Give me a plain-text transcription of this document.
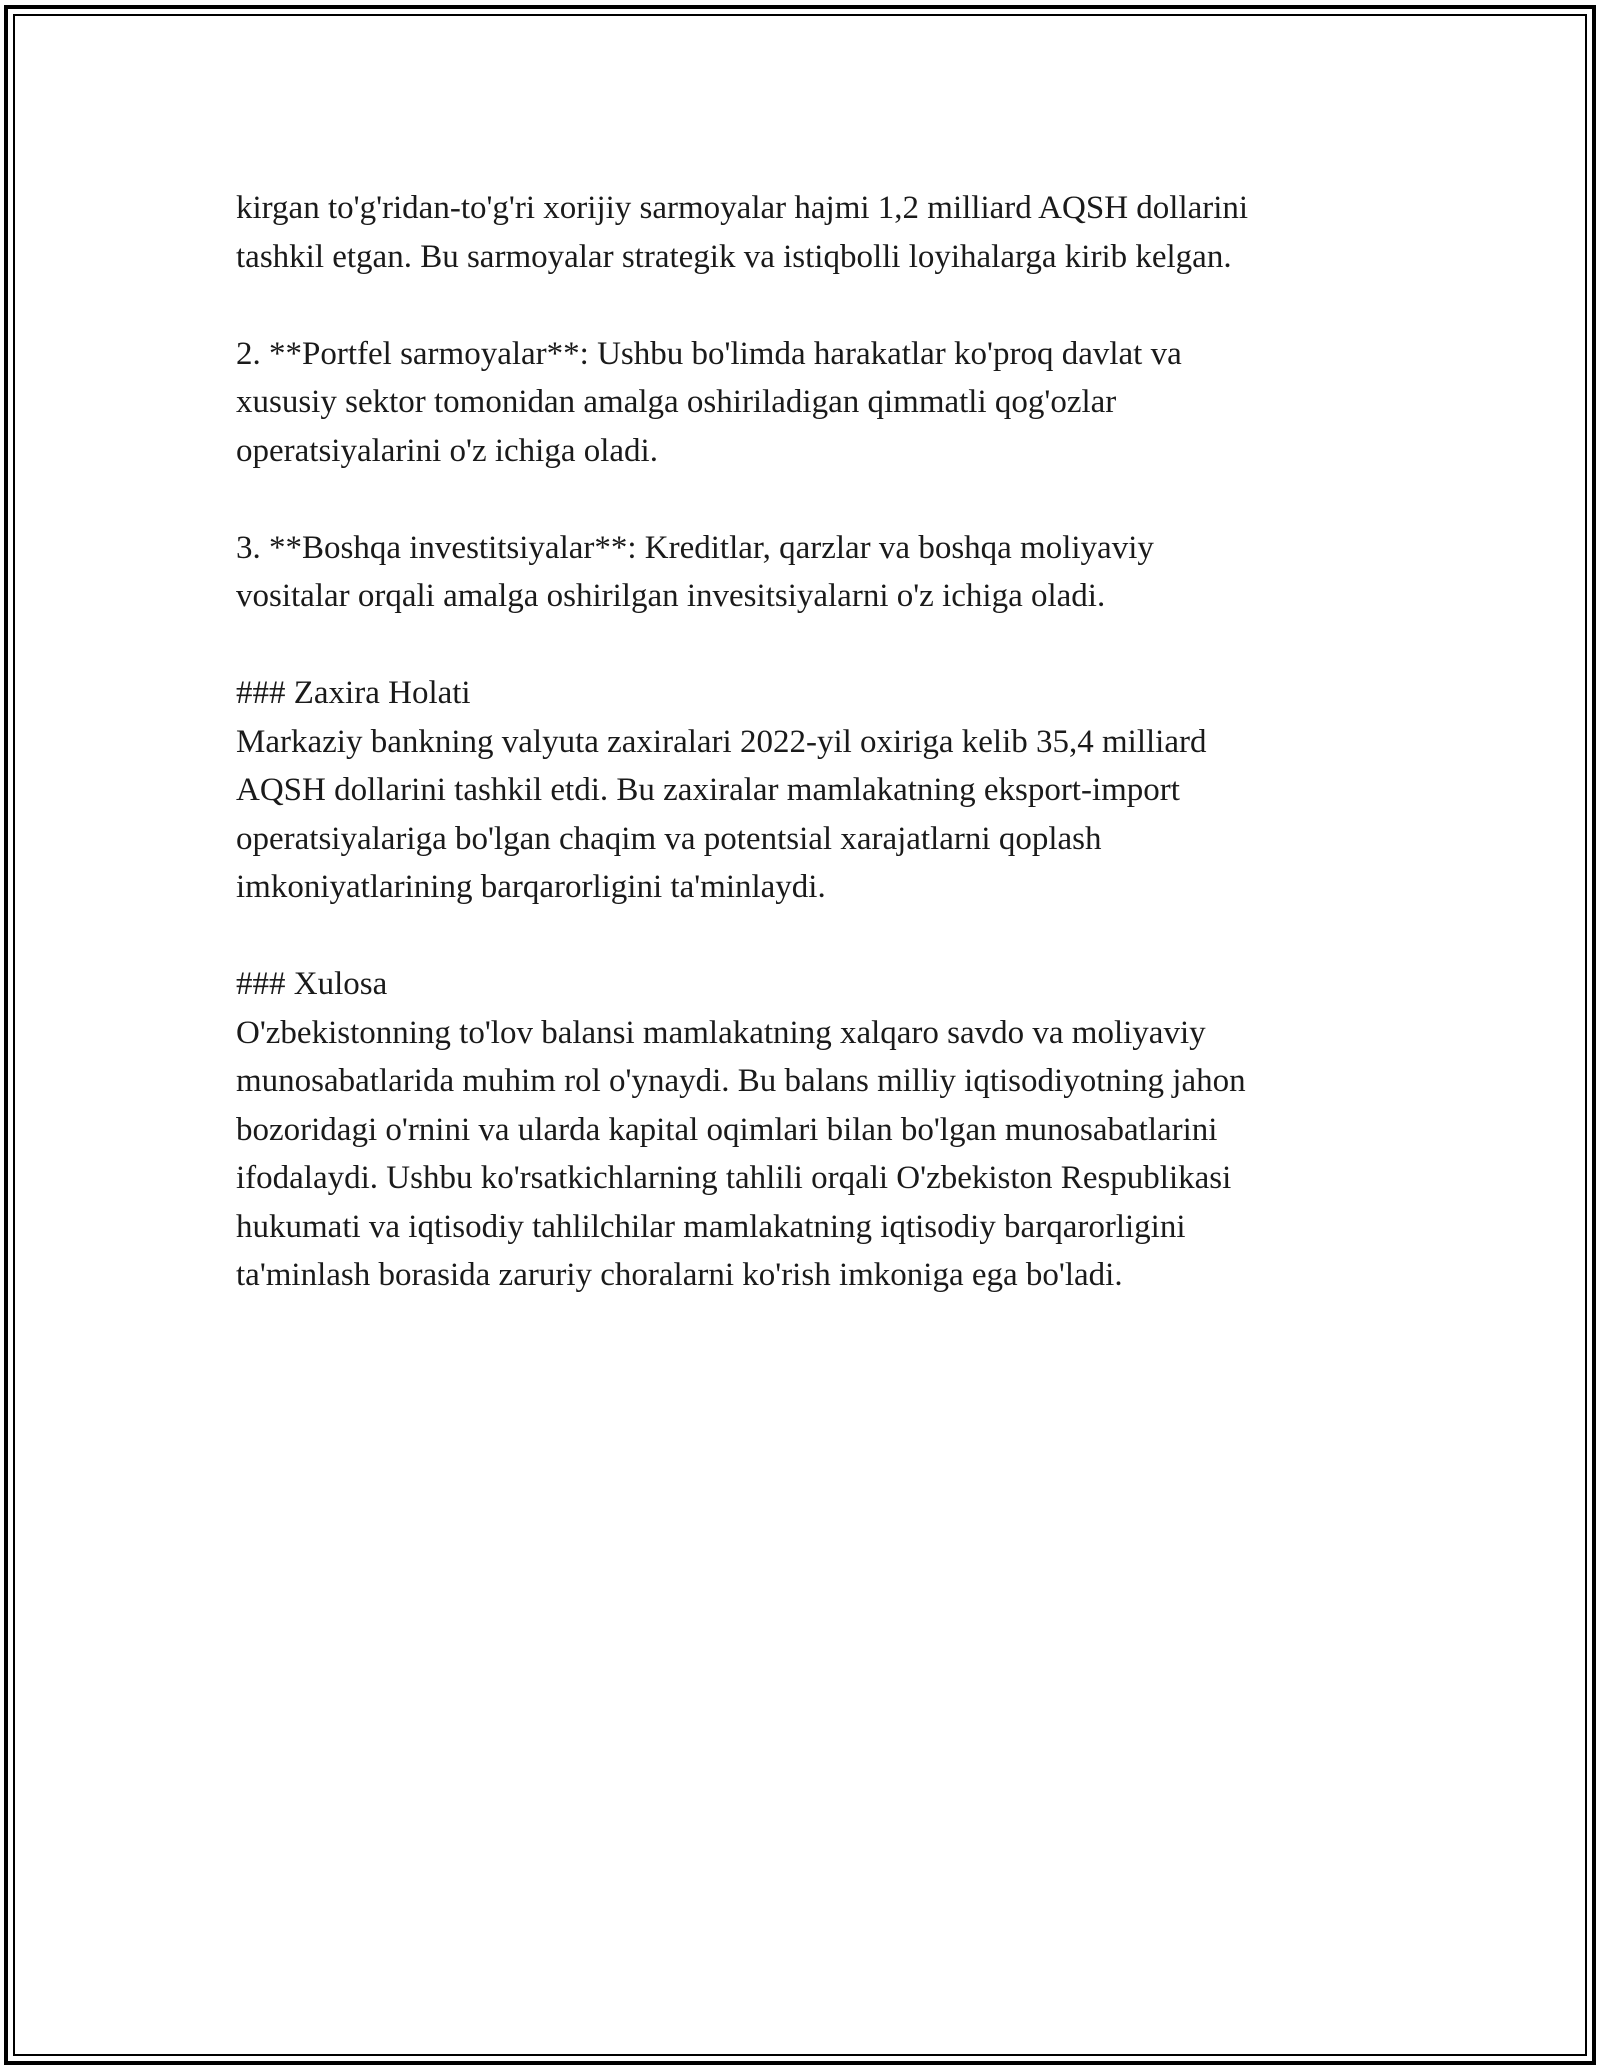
kirgan to'g'ridan-to'g'ri xorijiy sarmoyalar hajmi 1,2 milliard AQSH dollarini

tashkil etgan. Bu sarmoyalar strategik va istiqbolli loyihalarga kirib kelgan.

2. **Portfel sarmoyalar**: Ushbu bo'limda harakatlar ko'proq davlat va

xususiy sektor tomonidan amalga oshiriladigan qimmatli qog'ozlar

operatsiyalarini o'z ichiga oladi.

3. **Boshqa investitsiyalar**: Kreditlar, qarzlar va boshqa moliyaviy

vositalar orqali amalga oshirilgan invesitsiyalarni o'z ichiga oladi.

### Zaxira Holati

Markaziy bankning valyuta zaxiralari 2022-yil oxiriga kelib 35,4 milliard

AQSH dollarini tashkil etdi. Bu zaxiralar mamlakatning eksport-import

operatsiyalariga bo'lgan chaqim va potentsial xarajatlarni qoplash

imkoniyatlarining barqarorligini ta'minlaydi.

### Xulosa

O'zbekistonning to'lov balansi mamlakatning xalqaro savdo va moliyaviy

munosabatlarida muhim rol o'ynaydi. Bu balans milliy iqtisodiyotning jahon

bozoridagi o'rnini va ularda kapital oqimlari bilan bo'lgan munosabatlarini

ifodalaydi. Ushbu ko'rsatkichlarning tahlili orqali O'zbekiston Respublikasi

hukumati va iqtisodiy tahlilchilar mamlakatning iqtisodiy barqarorligini

ta'minlash borasida zaruriy choralarni ko'rish imkoniga ega bo'ladi.
